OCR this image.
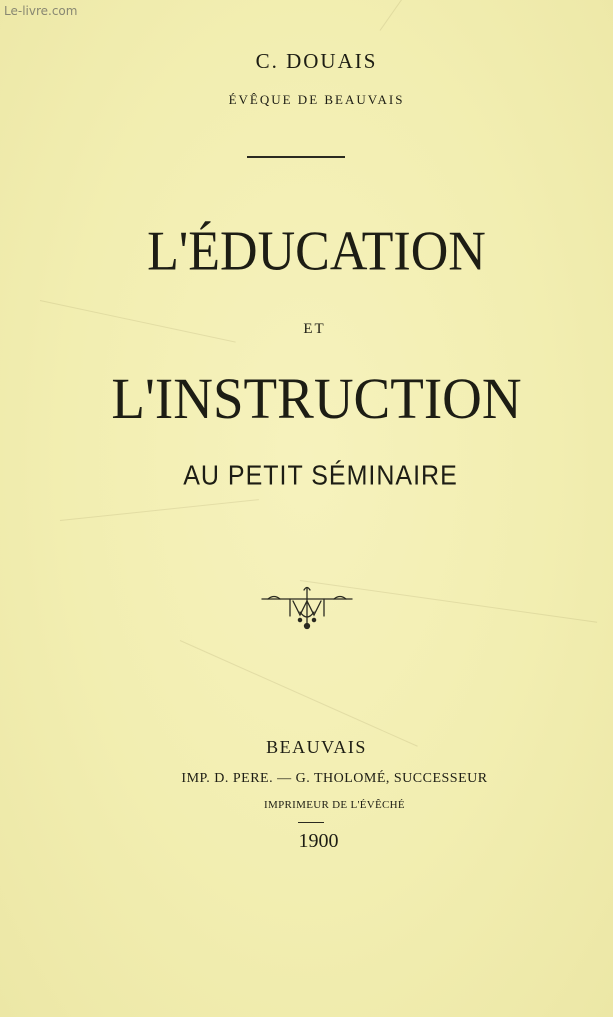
Le-livre.com
C. DOUAIS
ÉVÊQUE DE BEAUVAIS
L'ÉDUCATION
ET
L'INSTRUCTION
AU PETIT SÉMINAIRE
BEAUVAIS
IMP. D. PERE. — G. THOLOMÉ, SUCCESSEUR
IMPRIMEUR DE L'ÉVÊCHÉ
1900
